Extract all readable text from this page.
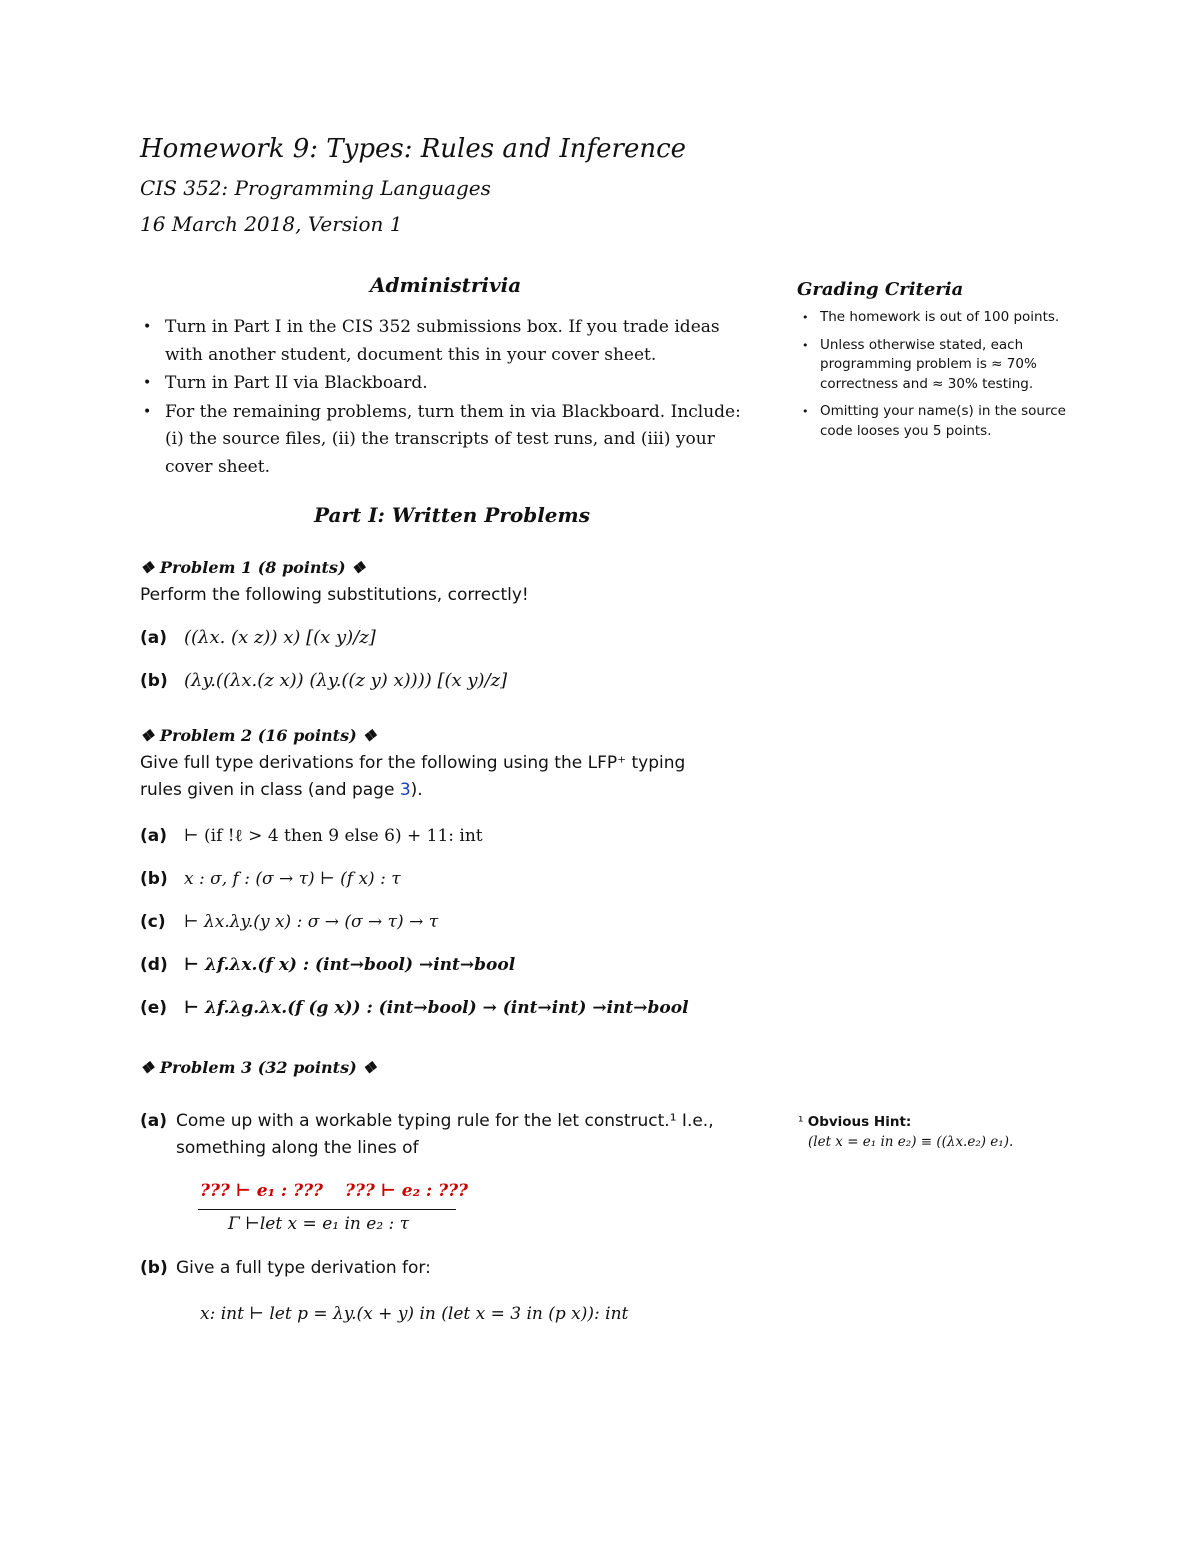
Homework 9: Types: Rules and Inference
CIS 352: Programming Languages
16 March 2018, Version 1
Administrivia
• Turn in Part I in the CIS 352 submissions box. If you trade ideas
with another student, document this in your cover sheet.
• Turn in Part II via Blackboard.
• For the remaining problems, turn them in via Blackboard. Include:
(i) the source files, (ii) the transcripts of test runs, and (iii) your
cover sheet.
Grading Criteria
• The homework is out of 100 points.
• Unless otherwise stated, each
programming problem is ≈ 70%
correctness and ≈ 30% testing.
• Omitting your name(s) in the source
code looses you 5 points.
Part I: Written Problems
❖ Problem 1 (8 points) ❖
Perform the following substitutions, correctly!
(a) ((λx. (x z)) x) [(x y)/z]
(b) (λy.((λx.(z x)) (λy.((z y) x)))) [(x y)/z]
❖ Problem 2 (16 points) ❖
Give full type derivations for the following using the LFP⁺ typing
rules given in class (and page 3).
(a) ⊢ (if !ℓ > 4 then 9 else 6) + 11: int
(b) x : σ, f : (σ → τ) ⊢ (f x) : τ
(c) ⊢ λx.λy.(y x) : σ → (σ → τ) → τ
(d) ⊢ λf.λx.(f x) : (int→bool) →int→bool
(e) ⊢ λf.λg.λx.(f (g x)) : (int→bool) → (int→int) →int→bool
❖ Problem 3 (32 points) ❖
(a) Come up with a workable typing rule for the let construct.¹ I.e.,
something along the lines of
??? ⊢ e₁ : ??? ??? ⊢ e₂ : ???
Γ ⊢let x = e₁ in e₂ : τ
(b) Give a full type derivation for:
x: int ⊢ let p = λy.(x + y) in (let x = 3 in (p x)): int
¹ Obvious Hint:
(let x = e₁ in e₂) ≡ ((λx.e₂) e₁).
